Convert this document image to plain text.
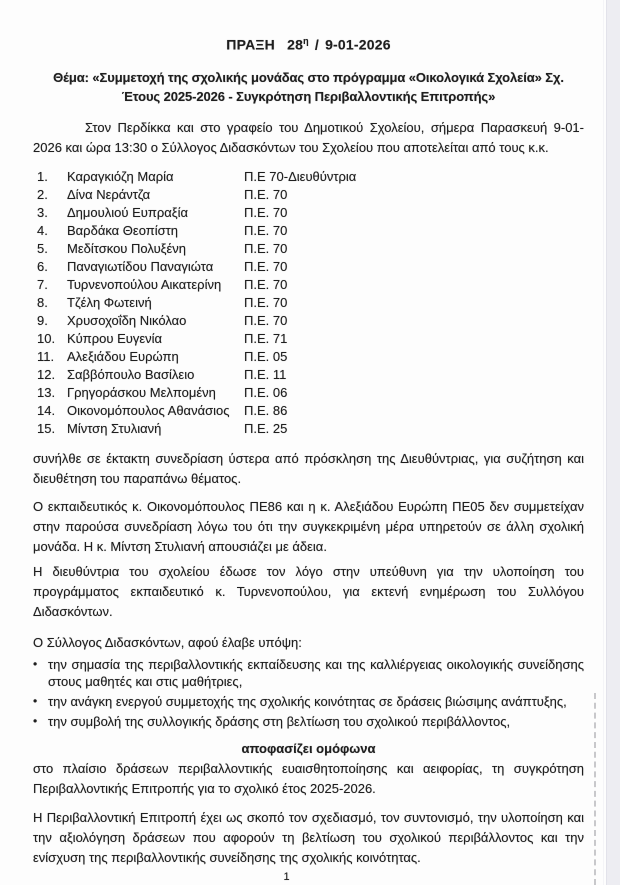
ΠΡΑΞΗ $28^\eta / 9-01-2026$
Θέμα: «Συμμετοχή της σχολικής μονάδας στο πρόγραμμα «Οικολογικά Σχολεία» Σχ.
Έτους 2025-2026 - Συγκρότηση Περιβαλλοντικής Επιτροπής»
Στον Περδίκκα και στο γραφείο του Δημοτικού Σχολείου, σήμερα Παρασκευή 9-01-2026 και ώρα 13:30 ο Σύλλογος Διδασκόντων του Σχολείου που αποτελείται από τους κ.κ.
1.	Καραγκιόζη Μαρία	Π.Ε 70-Διευθύντρια
2.	Δίνα Νεράντζα	Π.Ε. 70
3.	Δημουλιού Ευπραξία	Π.Ε. 70
4.	Βαρδάκα Θεοπίστη	Π.Ε. 70
5.	Μεδίτσκου Πολυξένη	Π.Ε. 70
6.	Παναγιωτίδου Παναγιώτα	Π.Ε. 70
7.	Τυρνενοπούλου Αικατερίνη	Π.Ε. 70
8.	Τζέλη Φωτεινή	Π.Ε. 70
9.	Χρυσοχοΐδη Νικόλαο	Π.Ε. 70
10. Κύπρου Ευγενία	Π.Ε. 71
11. Αλεξιάδου Ευρώπη	Π.Ε. 05
12. Σαββόπουλο Βασίλειο	Π.Ε. 11
13. Γρηγοράσκου Μελπομένη	Π.Ε. 06
14. Οικονομόπουλος Αθανάσιος	Π.Ε. 86
15. Μίντση Στυλιανή	Π.Ε. 25
συνήλθε σε έκτακτη συνεδρίαση ύστερα από πρόσκληση της Διευθύντριας, για συζήτηση και διευθέτηση του παραπάνω θέματος.
Ο εκπαιδευτικός κ. Οικονομόπουλος ΠΕ86 και η κ. Αλεξιάδου Ευρώπη ΠΕ05 δεν συμμετείχαν στην παρούσα συνεδρίαση λόγω του ότι την συγκεκριμένη μέρα υπηρετούν σε άλλη σχολική μονάδα. Η κ. Μίντση Στυλιανή απουσιάζει με άδεια.
Η διευθύντρια του σχολείου έδωσε τον λόγο στην υπεύθυνη για την υλοποίηση του προγράμματος εκπαιδευτικό κ. Τυρνενοπούλου, για εκτενή ενημέρωση του Συλλόγου Διδασκόντων.
Ο Σύλλογος Διδασκόντων, αφού έλαβε υπόψη:
• την σημασία της περιβαλλοντικής εκπαίδευσης και της καλλιέργειας οικολογικής συνείδησης στους μαθητές και στις μαθήτριες,
• την ανάγκη ενεργού συμμετοχής της σχολικής κοινότητας σε δράσεις βιώσιμης ανάπτυξης,
• την συμβολή της συλλογικής δράσης στη βελτίωση του σχολικού περιβάλλοντος,
αποφασίζει ομόφωνα
στο πλαίσιο δράσεων περιβαλλοντικής ευαισθητοποίησης και αειφορίας, τη συγκρότηση Περιβαλλοντικής Επιτροπής για το σχολικό έτος 2025-2026.
Η Περιβαλλοντική Επιτροπή έχει ως σκοπό τον σχεδιασμό, τον συντονισμό, την υλοποίηση και την αξιολόγηση δράσεων που αφορούν τη βελτίωση του σχολικού περιβάλλοντος και την ενίσχυση της περιβαλλοντικής συνείδησης της σχολικής κοινότητας.
1
